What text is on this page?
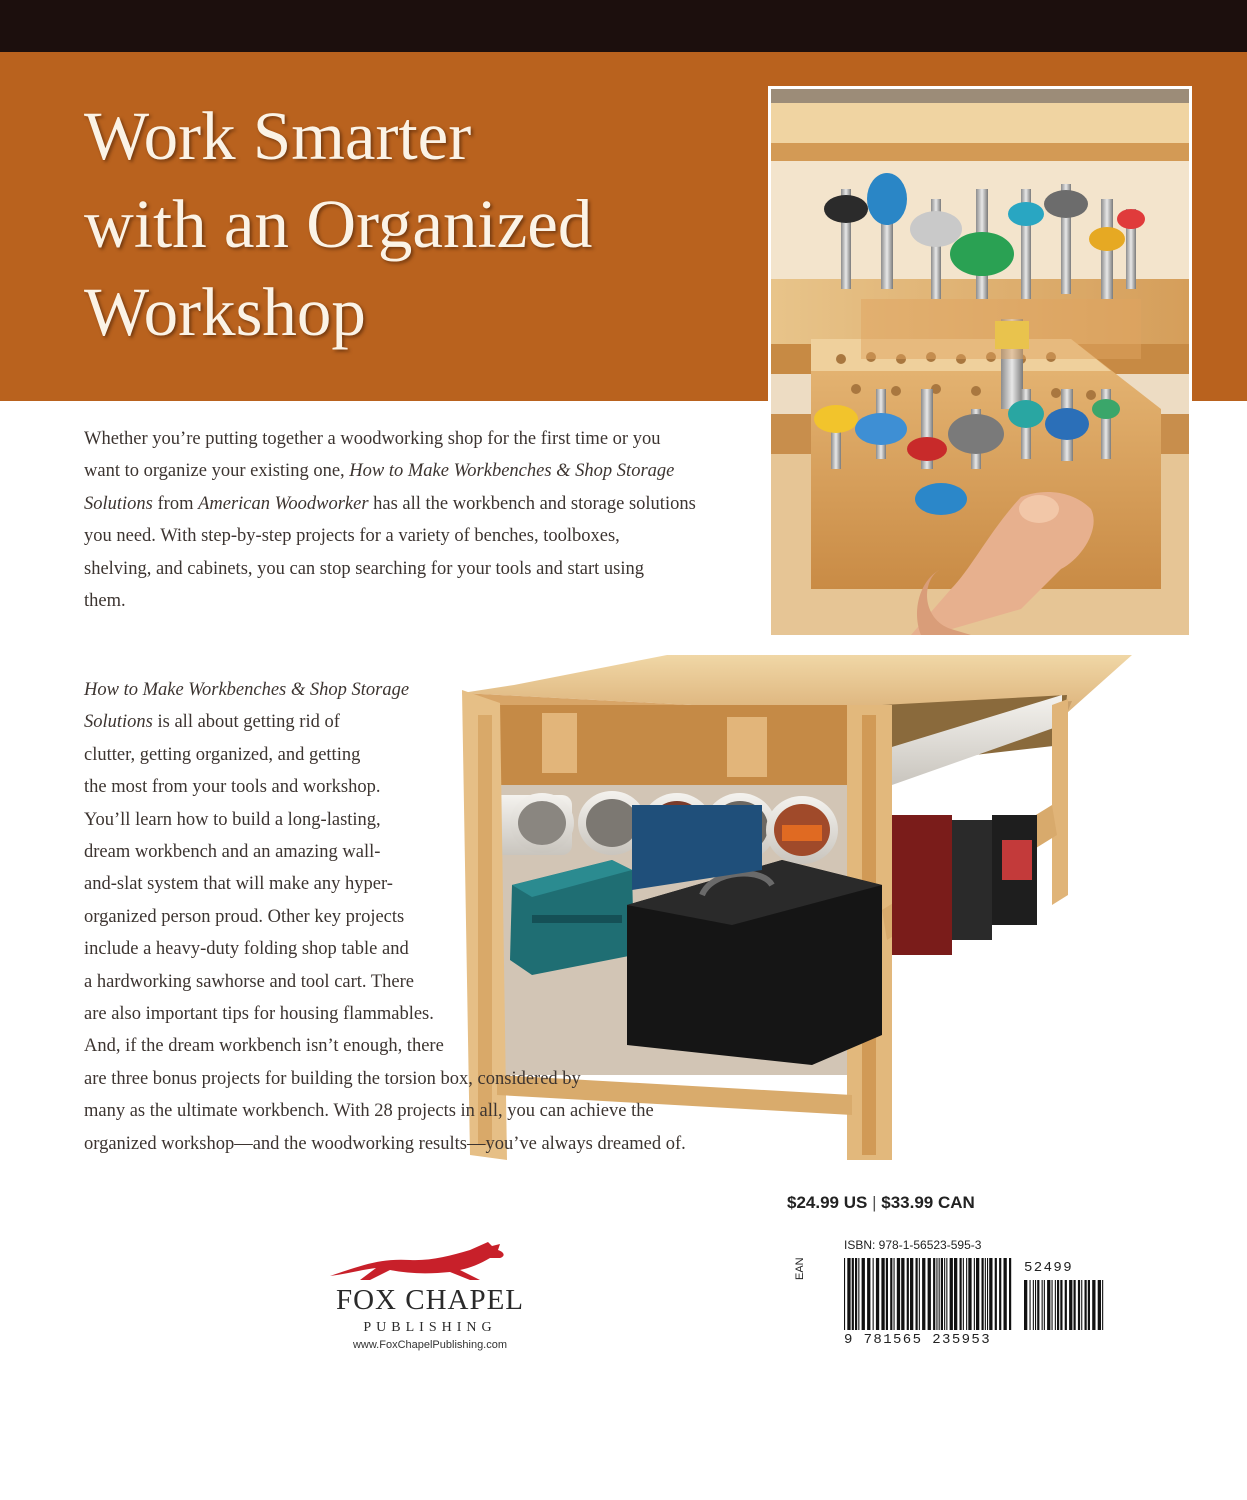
Work Smarter
with an Organized
Workshop
Whether you’re putting together a woodworking shop for the first time or you
want to organize your existing one, How to Make Workbenches & Shop Storage
Solutions from American Woodworker has all the workbench and storage solutions
you need. With step-by-step projects for a variety of benches, toolboxes,
shelving, and cabinets, you can stop searching for your tools and start using
them.
How to Make Workbenches & Shop Storage
Solutions is all about getting rid of
clutter, getting organized, and getting
the most from your tools and workshop.
You’ll learn how to build a long-lasting,
dream workbench and an amazing wall-
and-slat system that will make any hyper-
organized person proud. Other key projects
include a heavy-duty folding shop table and
a hardworking sawhorse and tool cart. There
are also important tips for housing flammables.
And, if the dream workbench isn’t enough, there
are three bonus projects for building the torsion box, considered by
many as the ultimate workbench. With 28 projects in all, you can achieve the
organized workshop—and the woodworking results—you’ve always dreamed of.
$24.99 US | $33.99 CAN
FOX CHAPEL
PUBLISHING
www.FoxChapelPublishing.com
EAN
ISBN: 978-1-56523-595-3
9 781565 235953
52499
